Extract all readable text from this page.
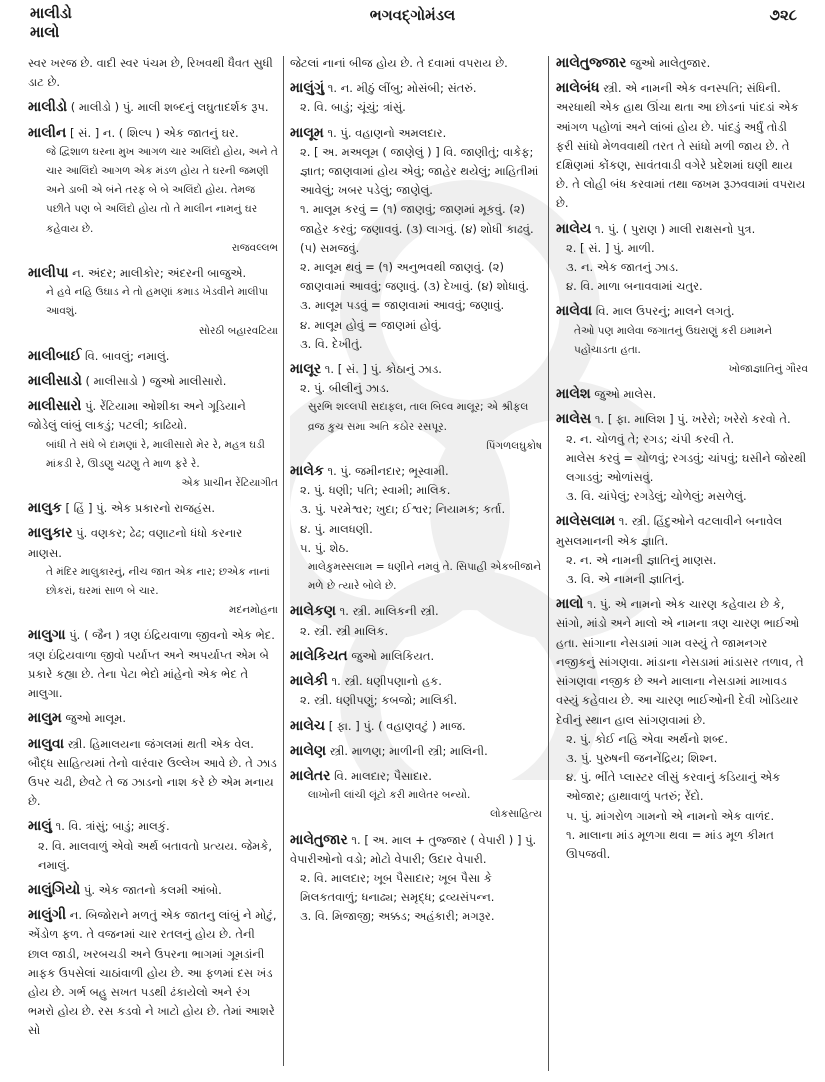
માલીડો
માલો
ભગવદ્ગોમંડલ	૭૨૮
સ્વર ખરજ છે. વાદી સ્વર પંચમ છે, રિખવથી ધૈવત સુધી ડાટ છે.
માલીડો ( માલીડો ) પું. માલી શબ્દનું લઘુતાદર્શક રૂપ.
માલીન [ સં. ] ન. ( શિલ્પ ) એક જાતનું ઘર.
જે દ્વિશાળ ઘરના મુખ આગળ ચાર અલિંદો હોય, અને તે ચાર આલિંદો આગળ એક મંડળ હોય તે ઘરની જમણી અને ડાબી એ બંને તરફ બે બે અલિંદો હોય. તેમજ પછીતે પણ બે અલિંદો હોય તો તે માલીન નામનું ઘર કહેવાય છે.
રાજવલ્લભ
માલીપા ન. અંદર; માલીકોર; અંદરની બાજુએ.
ને હવે નહિ ઉઘાડ ને તો હમણાં કમાડ ખેડવીને માલીપા આવશું.
સોરઠી બહારવટિયા
માલીબાઈ વિ. બાવલું; નમાલું.
માલીસાડો ( માલીસાડો ) જુઓ માલીસારો.
માલીસારો પું. રેંટિયામા ઓશીકા અને ગૂડિયાને જોડેલું લાંબું લાકડું; પટલી; કાઢિયો.
બાંધી તે સંધે બે દામણાં રે, માલીસારો મેર રે, મહત્ર ઘડી માંકડી રે, ઊડણુ ચઢણુ તે માળ ફરે રે.
એક પ્રાચીન રેંટિયાગીત
માલુક [ હિં ] પું. એક પ્રકારનો રાજહંસ.
માલુકાર પું. વણકર; ઢેઢ; વણાટનો ધંધો કરનાર માણસ.
તે મંદિર માલુકારનું, નીચ જાત એક નાર; છએક નાનાં છોકરાં, ઘરમાં સાળ બે ચાર.
મદનમોહના
માલુગા પું. ( જૈન ) ત્રણ ઇંદ્રિયવાળા જીવનો એક ભેદ. ત્રણ ઇંદ્રિયવાળા જીવો પર્યાપ્ત અને અપર્યાપ્ત એમ બે પ્રકારે કહ્યા છે. તેના પેટા ભેદો માંહેનો એક ભેદ તે માલુગા.
માલુમ જુઓ માલૂમ.
માલુવા સ્ત્રી. હિમાલયના જંગલમાં થતી એક વેલ. બૌદ્ધ સાહિત્યમાં તેનો વારંવાર ઉલ્લેખ આવે છે. તે ઝાડ ઉપર ચઢી, છેવટે તે જ ઝાડનો નાશ કરે છે એમ મનાય છે.
માલું ૧. વિ. ત્રાંસું; બાડું; માલકું.
૨. વિ. માલવાળું એવો અર્થ બતાવતો પ્રત્યય. જેમકે, નમાલું.
માલુંગિયો પું. એક જાતનો કલમી આંબો.
માલુંગી ન. બિજોરાને મળતું એક જાતનુ લાંબું ને મોટું, એંડોળ ફળ. તે વજનમાં ચાર રતલનું હોય છે. તેની છાલ જાડી, ખરબચડી અને ઉપરના ભાગમાં ગૂમડાંની માફક ઉપસેલાં ચાઠાંવાળી હોય છે. આ ફળમાં દસ ખંડ હોય છે. ગર્ભ બહુ સખત પડથી ઢંકાયેલો અને રંગ ભમરો હોય છે. રસ કડવો ને ખાટો હોય છે. તેમાં આશરે સો
જેટલાં નાનાં બીજ હોય છે. તે દવામાં વપરાય છે.
માલુંગું ૧. ન. મીઠું લીંબુ; મોસંબી; સંતરું.
૨. વિ. બાડું; ચૂંચું; ત્રાંસું.
માલૂમ ૧. પું. વહાણનો અમલદાર.
૨. [ અ. મઅલૂમ ( જાણેલું ) ] વિ. જાણીતું; વાકેફ; જ્ઞાત; જાણવામાં હોય એવું; જાહેર થયેલું; માહિતીમાં આવેલું; ખબર પડેલું; જાણેલું.
૧. માલૂમ કરવું = (૧) જાણવું; જાણમાં મૂકવું. (૨) જાહેર કરવું; જણાવવું. (૩) લાગવું. (૪) શોધી કાઢવું. (૫) સમજવું.
૨. માલૂમ થવું = (૧) અનુભવથી જાણવું. (૨) જાણવામાં આવવું; જણાવું. (૩) દેખાવું. (૪) શોધાવું.
૩. માલૂમ પડવું = જાણવામાં આવવું; જણાવું.
૪. માલૂમ હોવું = જાણમાં હોવું.
૩. વિ. દેખીતું.
માલૂર ૧. [ સં. ] પું. કોઠાનું ઝાડ.
૨. પું. બીલીનું ઝાડ.
સુરભિ શલ્લપી સદાફલ, તાલ બિલ્વ માલૂર; એ શ્રીફલ વ્રજ કુચ સમા અતિ કઠોર રસપૂર.
પિંગળલઘુકોષ
માલેક ૧. પું. જમીનદાર; ભૂસ્વામી.
૨. પું. ધણી; પતિ; સ્વામી; માલિક.
૩. પું. પરમેશ્વર; ખુદા; ઈશ્વર; નિયામક; કર્તા.
૪. પું. માલધણી.
૫. પું. શેઠ.
માલેકુમસ્સલામ = ધણીને નમવું તે. સિપાહી એકબીજાને મળે છે ત્યારે બોલે છે.
માલેકણ ૧. સ્ત્રી. માલિકની સ્ત્રી.
૨. સ્ત્રી. સ્ત્રી માલિક.
માલેકિયત જુઓ માલિકિયત.
માલેકી ૧. સ્ત્રી. ધણીપણાનો હક.
૨. સ્ત્રી. ધણીપણું; કબજો; માલિકી.
માલેચ [ ફા. ] પું. ( વહાણવટું ) માજ.
માલેણ સ્ત્રી. માળણ; માળીની સ્ત્રી; માલિની.
માલેતર વિ. માલદાર; પૈસાદાર.
લાખોની લાંચી લૂંટો કરી માલેતર બન્યો.
લોકસાહિત્ય
માલેતુજાર ૧. [ અ. માલ + તુજ્જાર ( વેપારી ) ] પું. વેપારીઓનો વડો; મોટો વેપારી; ઉદાર વેપારી.
૨. વિ. માલદાર; ખૂબ પૈસાદાર; ખૂબ પૈસા કે મિલકતવાળું; ધનાઢ્ય; સમૃદ્ધ; દ્રવ્યસંપન્ન.
૩. વિ. મિજાજી; અક્કડ; અહંકારી; મગરૂર.
માલેતુજ્જાર જુઓ માલેતુજાર.
માલેબંધ સ્ત્રી. એ નામની એક વનસ્પતિ; સંધિની. અરધાથી એક હાથ ઊંચા થતા આ છોડનાં પાંદડાં એક આંગળ પહોળાં અને લાંબાં હોય છે. પાંદડું અર્ધું તોડી ફરી સાંધો મેળવવાથી તરત તે સાંધો મળી જાય છે. તે દક્ષિણમાં કોંકણ, સાવંતવાડી વગેરે પ્રદેશમાં ઘણી થાય છે. તે લોહી બંધ કરવામાં તથા જખમ રૂઝવવામાં વપરાય છે.
માલેય ૧. પું. ( પુરાણ ) માલી રાક્ષસનો પુત્ર.
૨. [ સં. ] પું. માળી.
૩. ન. એક જાતનું ઝાડ.
૪. વિ. માળા બનાવવામાં ચતુર.
માલેવા વિ. માલ ઉપરનું; માલને લગતું.
તેઓ પણ માલેવા જગાતનું ઉઘરાણું કરી ઇમામને પહોંચાડતા હતા.
ખોજાજ્ઞાતિનું ગૌરવ
માલેશ જુઓ માલેસ.
માલેસ ૧. [ ફા. માલિશ ] પું. ખરેરો; ખરેરો કરવો તે.
૨. ન. ચોળવું તે; રગડ; ચંપી કરવી તે.
માલેસ કરવું = ચોળવું; રગડવું; ચાંપવું; ઘસીને જોરથી લગાડવું; ઓળાંસવું.
૩. વિ. ચાંપેલું; રગડેલું; ચોળેલું; મસળેલું.
માલેસલામ ૧. સ્ત્રી. હિંદુઓને વટલાવીને બનાવેલ મુસલમાનની એક જ્ઞાતિ.
૨. ન. એ નામની જ્ઞાતિનું માણસ.
૩. વિ. એ નામની જ્ઞાતિનું.
માલો ૧. પું. એ નામનો એક ચારણ કહેવાય છે કે, સાંગો, માંડો અને માલો એ નામના ત્રણ ચારણ ભાઈઓ હતા. સાંગાના નેસડામાં ગામ વસ્યું તે જામનગર નજીકનું સાંગણવા. માંડાના નેસડામાં માંડાસર તળાવ, તે સાંગણવા નજીક છે અને માલાના નેસડામાં માખાવડ વસ્યું કહેવાય છે. આ ચારણ ભાઈઓની દેવી ખોડિયાર દેવીનું સ્થાન હાલ સાંગણવામાં છે.
૨. પું. કોઈ નહિ એવા અર્થનો શબ્દ.
૩. પું. પુરુષની જનનેંદ્રિય; શિશ્ન.
૪. પું. ભીંતે પ્લાસ્ટર લીસું કરવાનું કડિયાનું એક ઓજાર; હાથાવાળું પતરું; રેંદો.
૫. પું. માંગરોળ ગામનો એ નામનો એક વાળંદ.
૧. માલાના માંડ મૂળગા થવા = માંડ મૂળ કીમત ઊપજવી.
